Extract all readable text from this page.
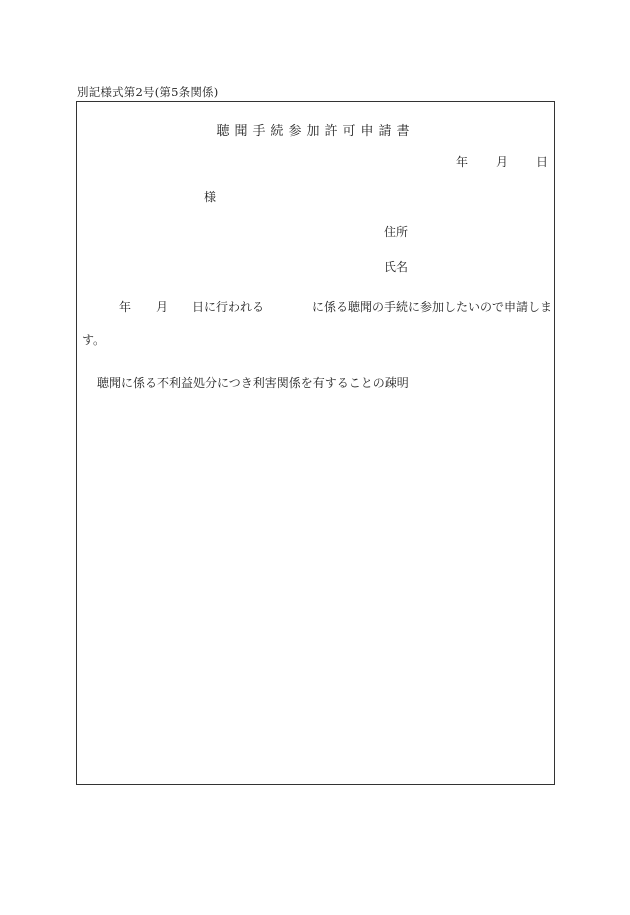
別記様式第2号(第5条関係)
聴聞手続参加許可申請書
年 月 日
様
住所
氏名
年 月 日に行われる	に係る聴聞の手続に参加したいので申請しま
す。
聴聞に係る不利益処分につき利害関係を有することの疎明
